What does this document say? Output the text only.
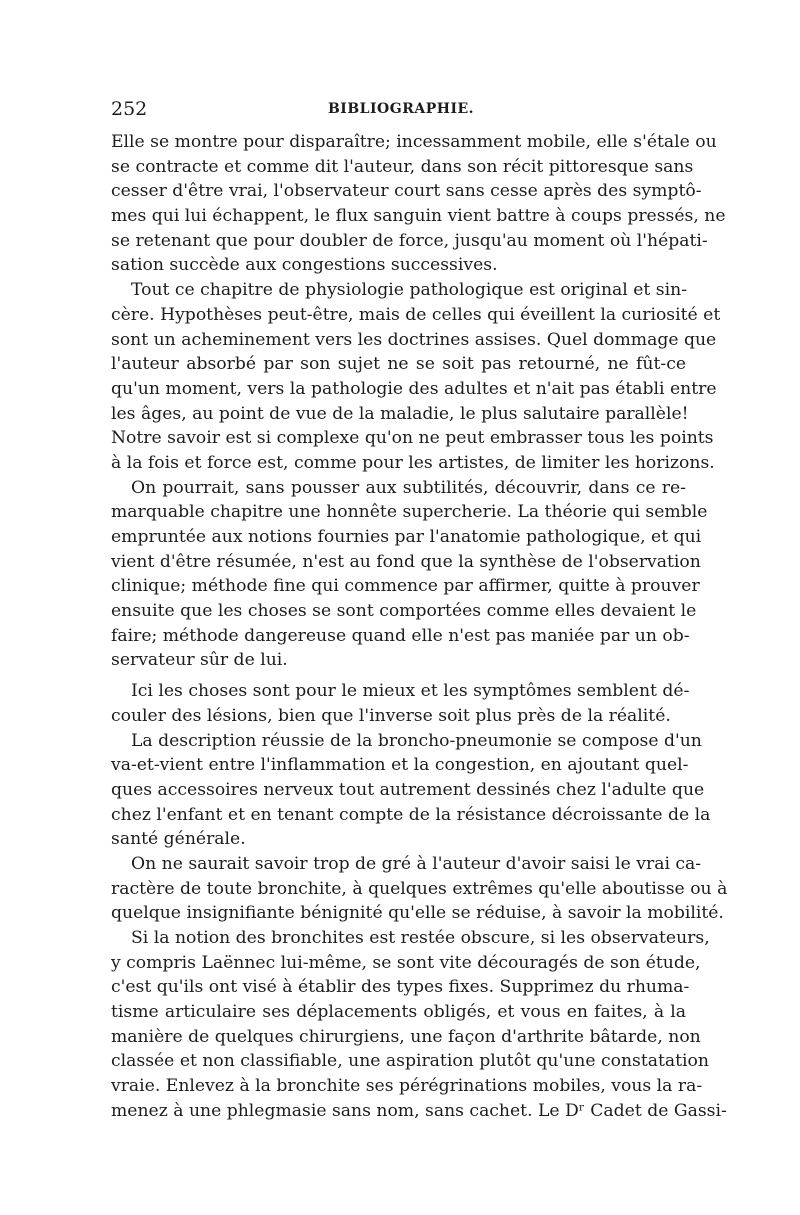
252	BIBLIOGRAPHIE.

Elle se montre pour disparaître; incessamment mobile, elle s'étale ou
se contracte et comme dit l'auteur, dans son récit pittoresque sans
cesser d'être vrai, l'observateur court sans cesse après des symptô-
mes qui lui échappent, le flux sanguin vient battre à coups pressés, ne
se retenant que pour doubler de force, jusqu'au moment où l'hépati-
sation succède aux congestions successives.

Tout ce chapitre de physiologie pathologique est original et sin-
cère. Hypothèses peut-être, mais de celles qui éveillent la curiosité et
sont un acheminement vers les doctrines assises. Quel dommage que
l'auteur absorbé par son sujet ne se soit pas retourné, ne fût-ce
qu'un moment, vers la pathologie des adultes et n'ait pas établi entre
les âges, au point de vue de la maladie, le plus salutaire parallèle!
Notre savoir est si complexe qu'on ne peut embrasser tous les points
à la fois et force est, comme pour les artistes, de limiter les horizons.

On pourrait, sans pousser aux subtilités, découvrir, dans ce re-
marquable chapitre une honnête supercherie. La théorie qui semble
empruntée aux notions fournies par l'anatomie pathologique, et qui
vient d'être résumée, n'est au fond que la synthèse de l'observation
clinique; méthode fine qui commence par affirmer, quitte à prouver
ensuite que les choses se sont comportées comme elles devaient le
faire; méthode dangereuse quand elle n'est pas maniée par un ob-
servateur sûr de lui.

Ici les choses sont pour le mieux et les symptômes semblent dé-
couler des lésions, bien que l'inverse soit plus près de la réalité.

La description réussie de la broncho-pneumonie se compose d'un
va-et-vient entre l'inflammation et la congestion, en ajoutant quel-
ques accessoires nerveux tout autrement dessinés chez l'adulte que
chez l'enfant et en tenant compte de la résistance décroissante de la
santé générale.

On ne saurait savoir trop de gré à l'auteur d'avoir saisi le vrai ca-
ractère de toute bronchite, à quelques extrêmes qu'elle aboutisse ou à
quelque insignifiante bénignité qu'elle se réduise, à savoir la mobilité.

Si la notion des bronchites est restée obscure, si les observateurs,
y compris Laënnec lui-même, se sont vite découragés de son étude,
c'est qu'ils ont visé à établir des types fixes. Supprimez du rhuma-
tisme articulaire ses déplacements obligés, et vous en faites, à la
manière de quelques chirurgiens, une façon d'arthrite bâtarde, non
classée et non classifiable, une aspiration plutôt qu'une constatation
vraie. Enlevez à la bronchite ses pérégrinations mobiles, vous la ra-
menez à une phlegmasie sans nom, sans cachet. Le Dʳ Cadet de Gassi-
